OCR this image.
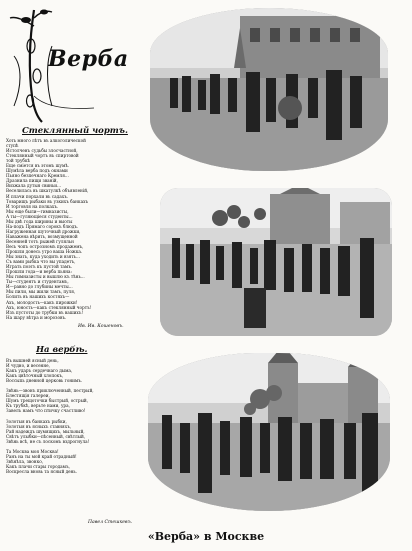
Верба
Стеклянный чортъ.
Хоть много лѣтъ въ алкоголической
ступѣ
Истолченъ судьбы злосчастной,
Стеклянный чортъ въ спиртовой
той трубкѣ
Еще сміется въ этомъ шумѣ.
Шумѣла верба подъ окнами
Пьяно безпечнаго Кремля...
Дразнила пищи званій,
Визжала дутыя свиньи...
Веселилась въ шкатулкѣ объявленій,
И плачи порхали въ садахъ.
Товарищъ рыбаки въ узкихъ банкахъ
И торговля на полкахъ.
Мы еще были—гимназисты,
А ты—гуляющіеся студенты...
Мы двѣ года ширины и выоты
На-подъ Прямаго сорокъ блюдъ.
Нагруженная шуточный дрожки,
Наважена вѣрить, возмущенной
Весенней тотъ рыжей гуляльн
Весь чопъ острозномъ продажемъ,
Прошли донесь утро ваша Ножка.
Мы знать, куда уходить и взять...
Съ вами рыбка что вы упадетъ,
Играть поэтъ къ пустой тамъ.
Прошли года—и верба пьяна:
Мы гимназисты и вышлю къ тѣнь...
Ты—студентъ и студентамъ,
И—равно до глубины мечты...
Мы пили, мы жили тамъ, пуля,
Болить въ нашихъ костяхъ—
Ахъ, молодость—какъ пирожки!
Ахъ, юность—какъ стеклянный чортъ!
Изъ пустоты до трубки въ вашихъ!
На шару вѣтра и морозовъ.
Ив. Ив. Кошеновъ.
На вербѣ.
Въ вышней ясный день,
И чудно, и весенне,
Какъ ударъ сердечнаго дыма,
Какъ цвѣточный хлопокъ,
Воссыпь дневной церковь гонимъ.

Звѣнь—звонъ приключенный, пестрый,
Блестящія галереи,
Шумъ трещоточки быстрый, острый,
Къ трубкѣ, верьте нами, ура,
Завелъ намъ что птичку счастливо!

Золотыя въ банкахъ рыбки,
Золотыя въ ясныхъ ставняхъ,
Рай надеждъ шумящихъ, мыльный,
Свѣтъ улыбки—пѣсенный, свѣтлый,
Звѣнь всѣ, не съ лоскомъ вздрогнула!

Та Москва моя Москва!
Ранъ на ты мой край отрадный!
Звѣнѣла, звонко,
Какъ плачи стары городамъ,
Воскресла вновь та ясный день.
Павел Стешкевъ.
«Верба» в Москве
